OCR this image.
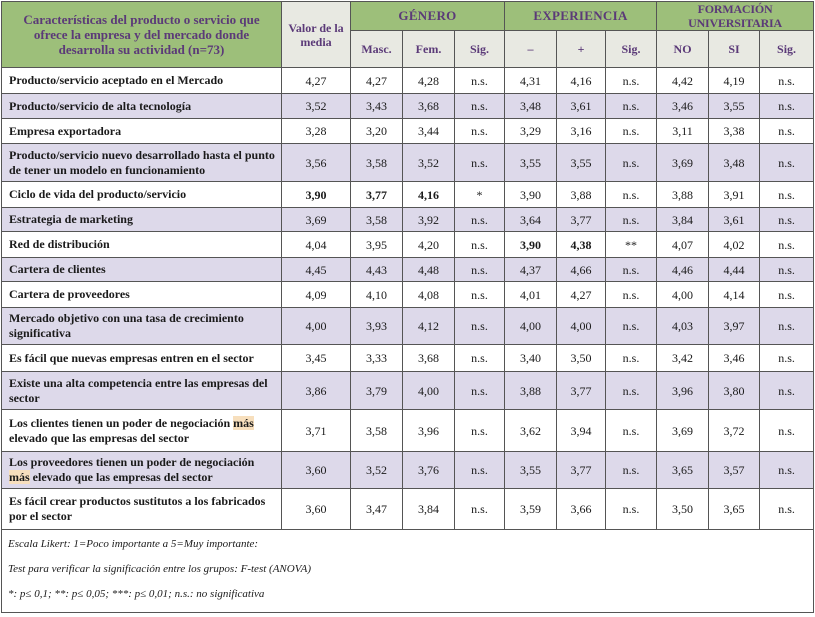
Características del producto o servicio que ofrece la empresa y del mercado donde desarrolla su actividad (n=73)	Valor de la media	GÉNERO			EXPERIENCIA			FORMACIÓN UNIVERSITARIA		
		Masc.	Fem.	Sig.	–	+	Sig.	NO	SI	Sig.
Producto/servicio aceptado en el Mercado	4,27	4,27	4,28	n.s.	4,31	4,16	n.s.	4,42	4,19	n.s.
Producto/servicio de alta tecnología	3,52	3,43	3,68	n.s.	3,48	3,61	n.s.	3,46	3,55	n.s.
Empresa exportadora	3,28	3,20	3,44	n.s.	3,29	3,16	n.s.	3,11	3,38	n.s.
Producto/servicio nuevo desarrollado hasta el punto de tener un modelo en funcionamiento	3,56	3,58	3,52	n.s.	3,55	3,55	n.s.	3,69	3,48	n.s.
Ciclo de vida del producto/servicio	3,90	3,77	4,16	*	3,90	3,88	n.s.	3,88	3,91	n.s.
Estrategia de marketing	3,69	3,58	3,92	n.s.	3,64	3,77	n.s.	3,84	3,61	n.s.
Red de distribución	4,04	3,95	4,20	n.s.	3,90	4,38	**	4,07	4,02	n.s.
Cartera de clientes	4,45	4,43	4,48	n.s.	4,37	4,66	n.s.	4,46	4,44	n.s.
Cartera de proveedores	4,09	4,10	4,08	n.s.	4,01	4,27	n.s.	4,00	4,14	n.s.
Mercado objetivo con una tasa de crecimiento significativa	4,00	3,93	4,12	n.s.	4,00	4,00	n.s.	4,03	3,97	n.s.
Es fácil que nuevas empresas entren en el sector	3,45	3,33	3,68	n.s.	3,40	3,50	n.s.	3,42	3,46	n.s.
Existe una alta competencia entre las empresas del sector	3,86	3,79	4,00	n.s.	3,88	3,77	n.s.	3,96	3,80	n.s.
Los clientes tienen un poder de negociación más elevado que las empresas del sector	3,71	3,58	3,96	n.s.	3,62	3,94	n.s.	3,69	3,72	n.s.
Los proveedores tienen un poder de negociación más elevado que las empresas del sector	3,60	3,52	3,76	n.s.	3,55	3,77	n.s.	3,65	3,57	n.s.
Es fácil crear productos sustitutos a los fabricados por el sector	3,60	3,47	3,84	n.s.	3,59	3,66	n.s.	3,50	3,65	n.s.

Escala Likert: 1=Poco importante a 5=Muy importante:

Test para verificar la significación entre los grupos: F-test (ANOVA)

*: p≤ 0,1; **: p≤ 0,05; ***: p≤ 0,01; n.s.: no significativa										
